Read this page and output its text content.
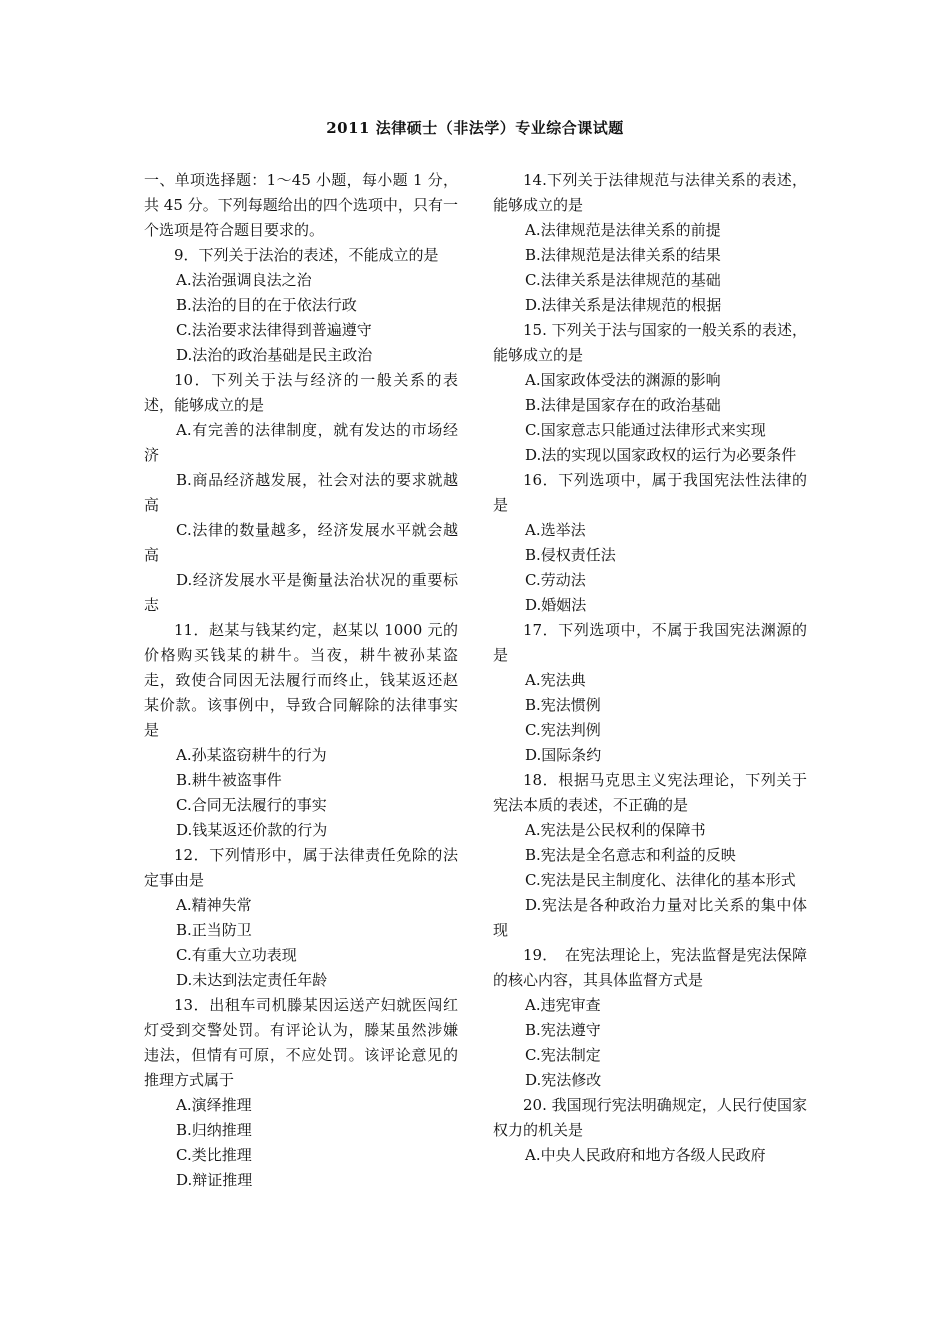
2011 法律硕士（非法学）专业综合课试题

一、单项选择题：1～45 小题，每小题 1 分，共 45 分。下列每题给出的四个选项中，只有一个选项是符合题目要求的。

9．下列关于法治的表述，不能成立的是

A.法治强调良法之治

B.法治的目的在于依法行政

C.法治要求法律得到普遍遵守

D.法治的政治基础是民主政治

10．下列关于法与经济的一般关系的表述，能够成立的是

A.有完善的法律制度，就有发达的市场经济

B.商品经济越发展，社会对法的要求就越高

C.法律的数量越多，经济发展水平就会越高

D.经济发展水平是衡量法治状况的重要标志

11．赵某与钱某约定，赵某以 1000 元的价格购买钱某的耕牛。当夜，耕牛被孙某盗走，致使合同因无法履行而终止，钱某返还赵某价款。该事例中，导致合同解除的法律事实是

A.孙某盗窃耕牛的行为

B.耕牛被盗事件

C.合同无法履行的事实

D.钱某返还价款的行为

12．下列情形中，属于法律责任免除的法定事由是

A.精神失常

B.正当防卫

C.有重大立功表现

D.未达到法定责任年龄

13．出租车司机滕某因运送产妇就医闯红灯受到交警处罚。有评论认为，滕某虽然涉嫌违法，但情有可原，不应处罚。该评论意见的推理方式属于

A.演绎推理

B.归纳推理

C.类比推理

D.辩证推理

14.下列关于法律规范与法律关系的表述，能够成立的是

A.法律规范是法律关系的前提

B.法律规范是法律关系的结果

C.法律关系是法律规范的基础

D.法律关系是法律规范的根据

15. 下列关于法与国家的一般关系的表述，能够成立的是

A.国家政体受法的渊源的影响

B.法律是国家存在的政治基础

C.国家意志只能通过法律形式来实现

D.法的实现以国家政权的运行为必要条件

16．下列选项中，属于我国宪法性法律的是

A.选举法

B.侵权责任法

C.劳动法

D.婚姻法

17．下列选项中，不属于我国宪法渊源的是

A.宪法典

B.宪法惯例

C.宪法判例

D.国际条约

18．根据马克思主义宪法理论，下列关于宪法本质的表述，不正确的是

A.宪法是公民权利的保障书

B.宪法是全名意志和利益的反映

C.宪法是民主制度化、法律化的基本形式

D.宪法是各种政治力量对比关系的集中体现

19．　在宪法理论上，宪法监督是宪法保障的核心内容，其具体监督方式是

A.违宪审查

B.宪法遵守

C.宪法制定

D.宪法修改

20. 我国现行宪法明确规定，人民行使国家权力的机关是

A.中央人民政府和地方各级人民政府
